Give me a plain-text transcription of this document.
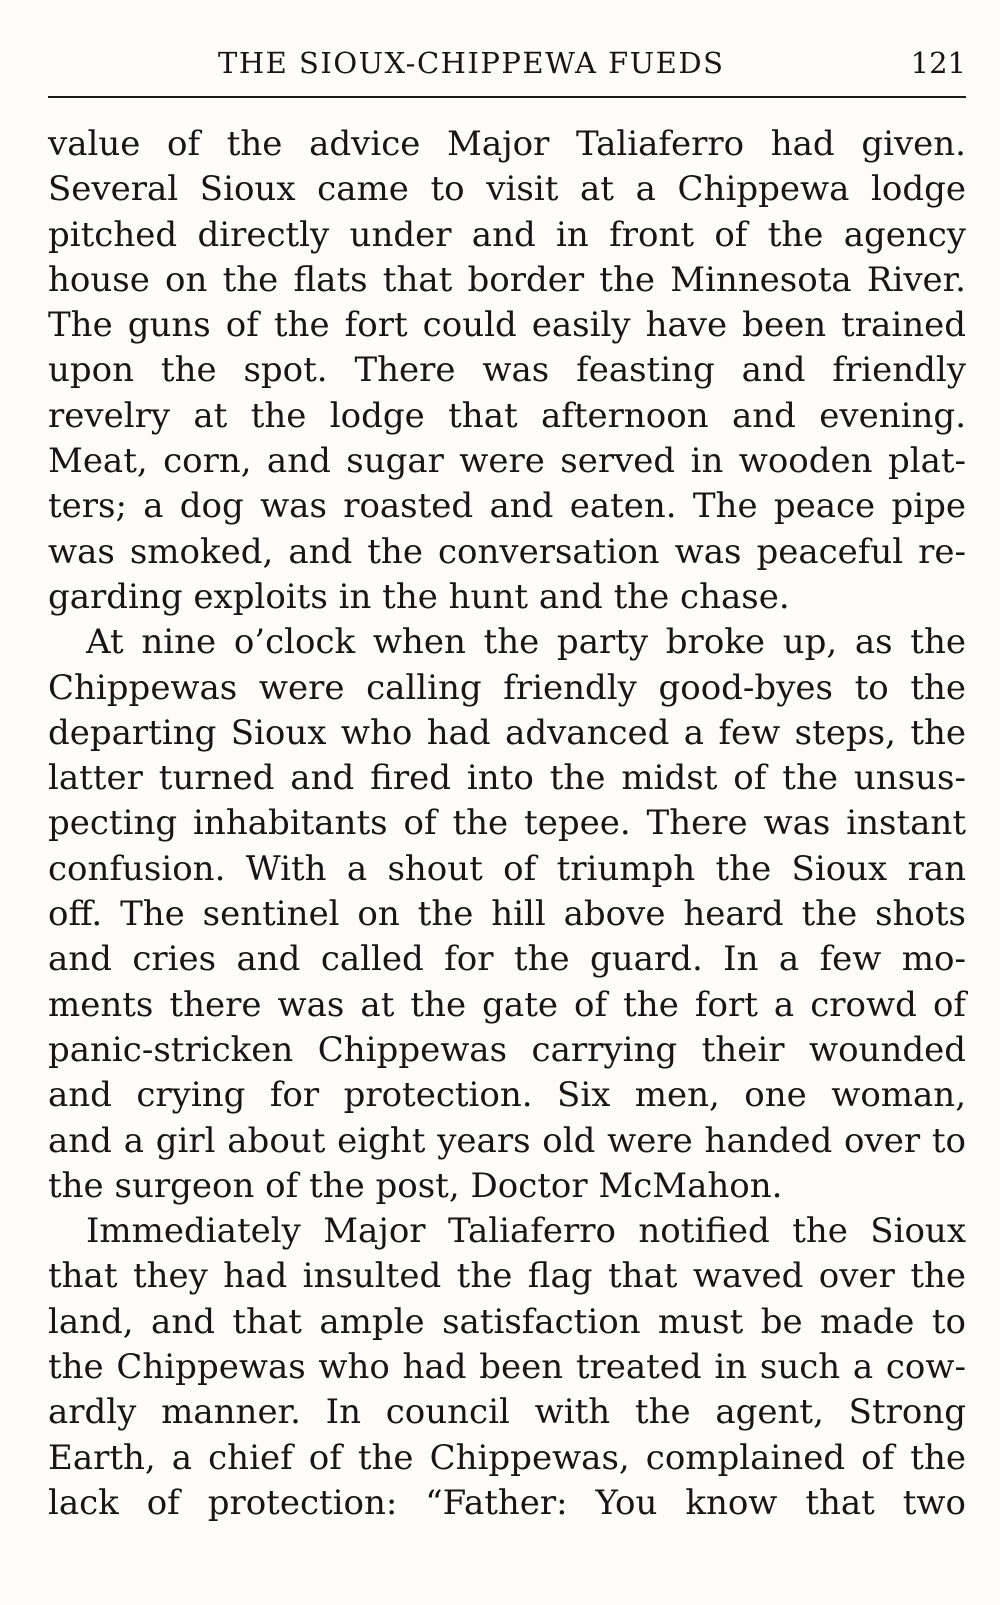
THE SIOUX-CHIPPEWA FUEDS	121
value of the advice Major Taliaferro had given.
Several Sioux came to visit at a Chippewa lodge
pitched directly under and in front of the agency
house on the flats that border the Minnesota River.
The guns of the fort could easily have been trained
upon the spot. There was feasting and friendly
revelry at the lodge that afternoon and evening.
Meat, corn, and sugar were served in wooden plat-
ters; a dog was roasted and eaten. The peace pipe
was smoked, and the conversation was peaceful re-
garding exploits in the hunt and the chase.
At nine o’clock when the party broke up, as the
Chippewas were calling friendly good-byes to the
departing Sioux who had advanced a few steps, the
latter turned and fired into the midst of the unsus-
pecting inhabitants of the tepee. There was instant
confusion. With a shout of triumph the Sioux ran
off. The sentinel on the hill above heard the shots
and cries and called for the guard. In a few mo-
ments there was at the gate of the fort a crowd of
panic-stricken Chippewas carrying their wounded
and crying for protection. Six men, one woman,
and a girl about eight years old were handed over to
the surgeon of the post, Doctor McMahon.
Immediately Major Taliaferro notified the Sioux
that they had insulted the flag that waved over the
land, and that ample satisfaction must be made to
the Chippewas who had been treated in such a cow-
ardly manner. In council with the agent, Strong
Earth, a chief of the Chippewas, complained of the
lack of protection: “Father: You know that two
